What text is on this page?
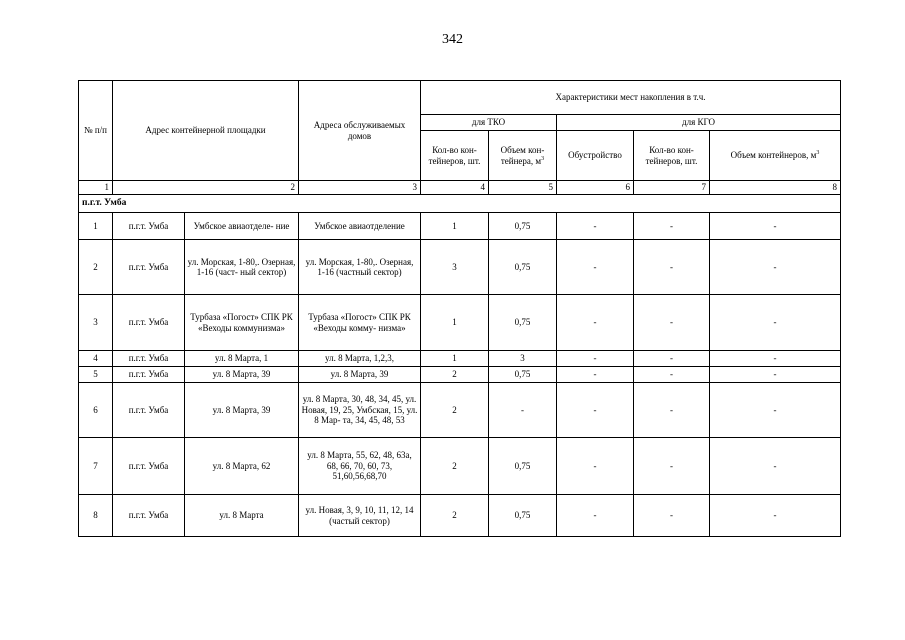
342
№ п/п	Адрес контейнерной площадки		Адреса обслуживаемых домов	Характеристики мест накопления в т.ч.				
				для ТКО		для КГО		
				Кол-во кон- тейнеров, шт.	Объем кон- тейнера, $м^3$	Обустройство	Кол-во кон- тейнеров, шт.	Объем контейнеров, $м^3$
1	2		3	4	5	6	7	8
п.г.т. Умба								
1	п.г.т. Умба	Умбское авиаотделе- ние	Умбское авиаотделение	1	0,75	-	-	-
2	п.г.т. Умба	ул. Морская, 1-80,. Озерная, 1-16 (част- ный сектор)	ул. Морская, 1-80,. Озерная, 1-16 (частный сектор)	3	0,75	-	-	-
3	п.г.т. Умба	Турбаза «Погост» СПК РК «Веходы коммунизма»	Турбаза «Погост» СПК РК «Веходы комму- низма»	1	0,75	-	-	-
4	п.г.т. Умба	ул. 8 Марта, 1	ул. 8 Марта, 1,2,3,	1	3	-	-	-
5	п.г.т. Умба	ул. 8 Марта, 39	ул. 8 Марта, 39	2	0,75	-	-	-
6	п.г.т. Умба	ул. 8 Марта, 39	ул. 8 Марта, 30, 48, 34, 45, ул. Новая, 19, 25, Умбская, 15, ул. 8 Мар- та, 34, 45, 48, 53	2	-	-	-	-
7	п.г.т. Умба	ул. 8 Марта, 62	ул. 8 Марта, 55, 62, 48, 63а, 68, 66, 70, 60, 73, 51,60,56,68,70	2	0,75	-	-	-
8	п.г.т. Умба	ул. 8 Марта	ул. Новая, 3, 9, 10, 11, 12, 14 (частый сектор)	2	0,75	-	-	-
